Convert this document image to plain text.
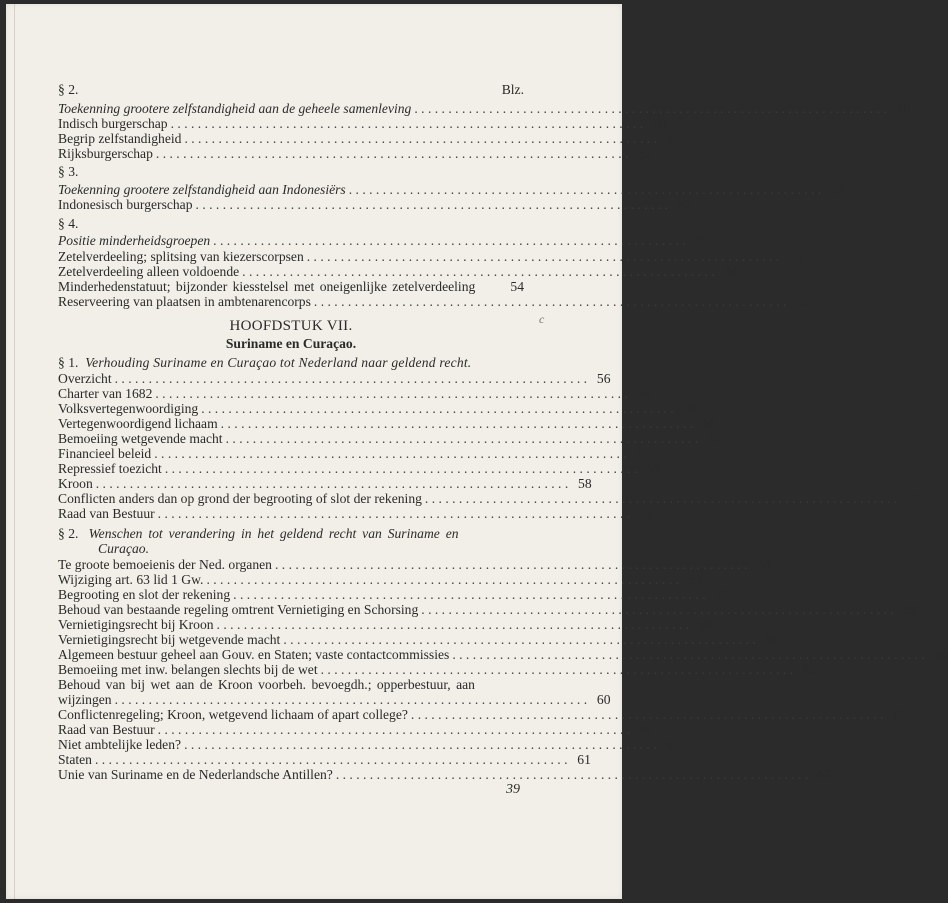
Blz.
§ 2.
Toekenning grootere zelfstandigheid aan de geheele samenleving ...................................................................... 50
Indisch burgerschap ...................................................................... 50
Begrip zelfstandigheid ...................................................................... 50
Rijksburgerschap ...................................................................... 52
§ 3.
Toekenning grootere zelfstandigheid aan Indonesiërs ...................................................................... 52
Indonesisch burgerschap ...................................................................... 52
§ 4.
Positie minderheidsgroepen ...................................................................... 52
Zetelverdeeling; splitsing van kiezerscorpsen ...................................................................... 53
Zetelverdeeling alleen voldoende ...................................................................... 54
Minderhedenstatuut; bijzonder kiesstelsel met oneigenlijke zetelverdeeling	54
Reserveering van plaatsen in ambtenarencorps ...................................................................... 55
c
HOOFDSTUK VII.
Suriname en Curaçao.
§ 1. Verhouding Suriname en Curaçao tot Nederland naar geldend recht.
Overzicht ...................................................................... 56
Charter van 1682 ...................................................................... 56
Volksvertegenwoordiging ...................................................................... 56
Vertegenwoordigend lichaam ...................................................................... 56
Bemoeiing wetgevende macht ...................................................................... 57
Financieel beleid ...................................................................... 57
Repressief toezicht ...................................................................... 57
Kroon ...................................................................... 58
Conflicten anders dan op grond der begrooting of slot der rekening ...................................................................... 58
Raad van Bestuur ...................................................................... 58
§ 2. Wenschen tot verandering in het geldend recht van Suriname en
Curaçao.
Te groote bemoeienis der Ned. organen ...................................................................... 58
Wijziging art. 63 lid 1 Gw. ...................................................................... 59
Begrooting en slot der rekening ...................................................................... 59
Behoud van bestaande regeling omtrent Vernietiging en Schorsing ...................................................................... 59
Vernietigingsrecht bij Kroon ...................................................................... 60
Vernietigingsrecht bij wetgevende macht ...................................................................... 60
Algemeen bestuur geheel aan Gouv. en Staten; vaste contactcommissies ...................................................................... 60
Bemoeiing met inw. belangen slechts bij de wet ...................................................................... 60
Behoud van bij wet aan de Kroon voorbeh. bevoegdh.; opperbestuur, aan
wijzingen ...................................................................... 60
Conflictenregeling; Kroon, wetgevend lichaam of apart college? ...................................................................... 61
Raad van Bestuur ...................................................................... 61
Niet ambtelijke leden? ...................................................................... 61
Staten ...................................................................... 61
Unie van Suriname en de Nederlandsche Antillen? ...................................................................... 62
39
